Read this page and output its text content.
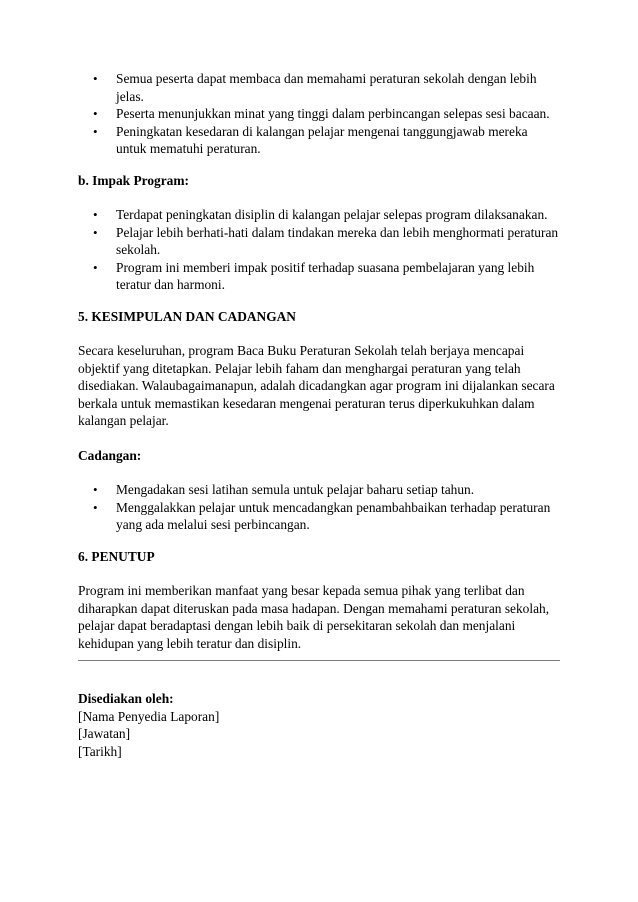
• Semua peserta dapat membaca dan memahami peraturan sekolah dengan lebih jelas.
• Peserta menunjukkan minat yang tinggi dalam perbincangan selepas sesi bacaan.
• Peningkatan kesedaran di kalangan pelajar mengenai tanggungjawab mereka untuk mematuhi peraturan.

b. Impak Program:

• Terdapat peningkatan disiplin di kalangan pelajar selepas program dilaksanakan.
• Pelajar lebih berhati-hati dalam tindakan mereka dan lebih menghormati peraturan sekolah.
• Program ini memberi impak positif terhadap suasana pembelajaran yang lebih teratur dan harmoni.

5. KESIMPULAN DAN CADANGAN

Secara keseluruhan, program Baca Buku Peraturan Sekolah telah berjaya mencapai objektif yang ditetapkan. Pelajar lebih faham dan menghargai peraturan yang telah disediakan. Walaubagaimanapun, adalah dicadangkan agar program ini dijalankan secara berkala untuk memastikan kesedaran mengenai peraturan terus diperkukuhkan dalam kalangan pelajar.

Cadangan:

• Mengadakan sesi latihan semula untuk pelajar baharu setiap tahun.
• Menggalakkan pelajar untuk mencadangkan penambahbaikan terhadap peraturan yang ada melalui sesi perbincangan.

6. PENUTUP

Program ini memberikan manfaat yang besar kepada semua pihak yang terlibat dan diharapkan dapat diteruskan pada masa hadapan. Dengan memahami peraturan sekolah, pelajar dapat beradaptasi dengan lebih baik di persekitaran sekolah dan menjalani kehidupan yang lebih teratur dan disiplin.

Disediakan oleh:
[Nama Penyedia Laporan]
[Jawatan]
[Tarikh]
